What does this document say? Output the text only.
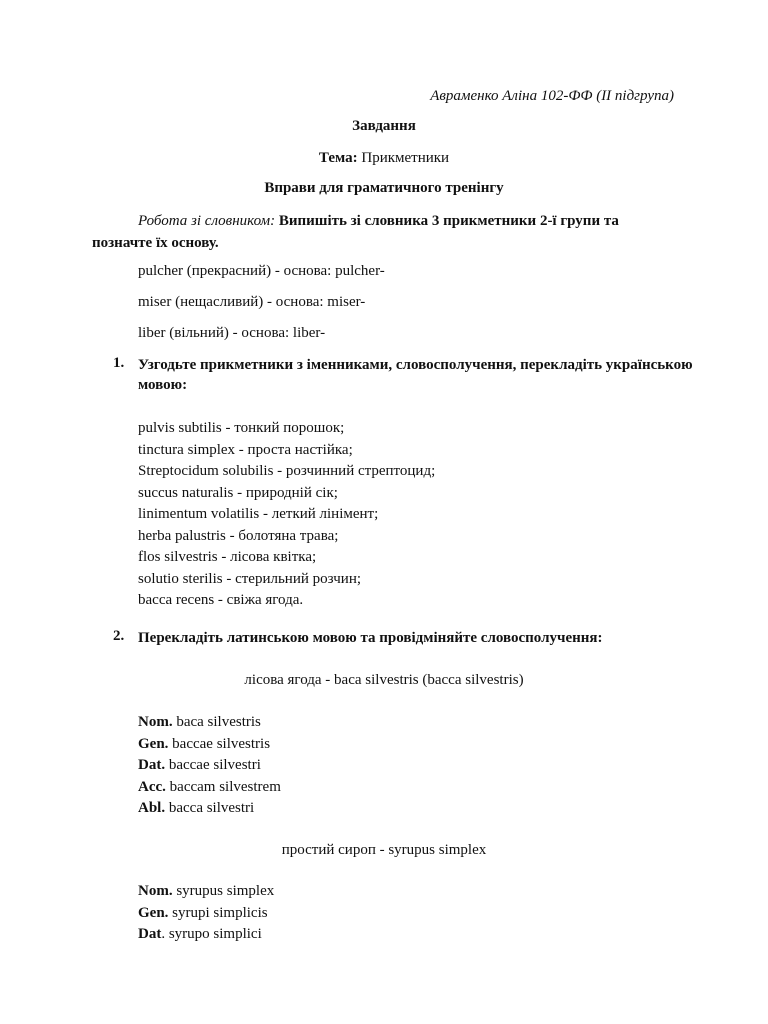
Авраменко Аліна 102-ФФ (ІІ підгрупа)
Завдання
Тема: Прикметники
Вправи для граматичного тренінгу
Робота зі словником: Випишіть зі словника 3 прикметники 2-ї групи та позначте їх основу.

pulcher (прекрасний) - основа: pulcher-

miser (нещасливий) - основа: miser-

liber (вільний) - основа: liber-

1. Узгодьте прикметники з іменниками, словосполучення, перекладіть українською мовою:
pulvis subtilis - тонкий порошок;
tinctura simplex - проста настійка;
Streptocidum solubilis - розчинний стрептоцид;
succus naturalis - природній сік;
linimentum volatilis - леткий лінімент;
herba palustris - болотяна трава;
flos silvestris - лісова квітка;
solutio sterilis - стерильний розчин;
bacca recens - свіжа ягода.
2. Перекладіть латинською мовою та провідміняйте словосполучення:
лісова ягода - baca silvestris (bacca silvestris)
Nom. baca silvestris
Gen. baccae silvestris
Dat. baccae silvestri
Acc. baccam silvestrem
Abl. bacca silvestri
простий сироп - syrupus simplex
Nom. syrupus simplex
Gen. syrupi simplicis
Dat. syrupo simplici
